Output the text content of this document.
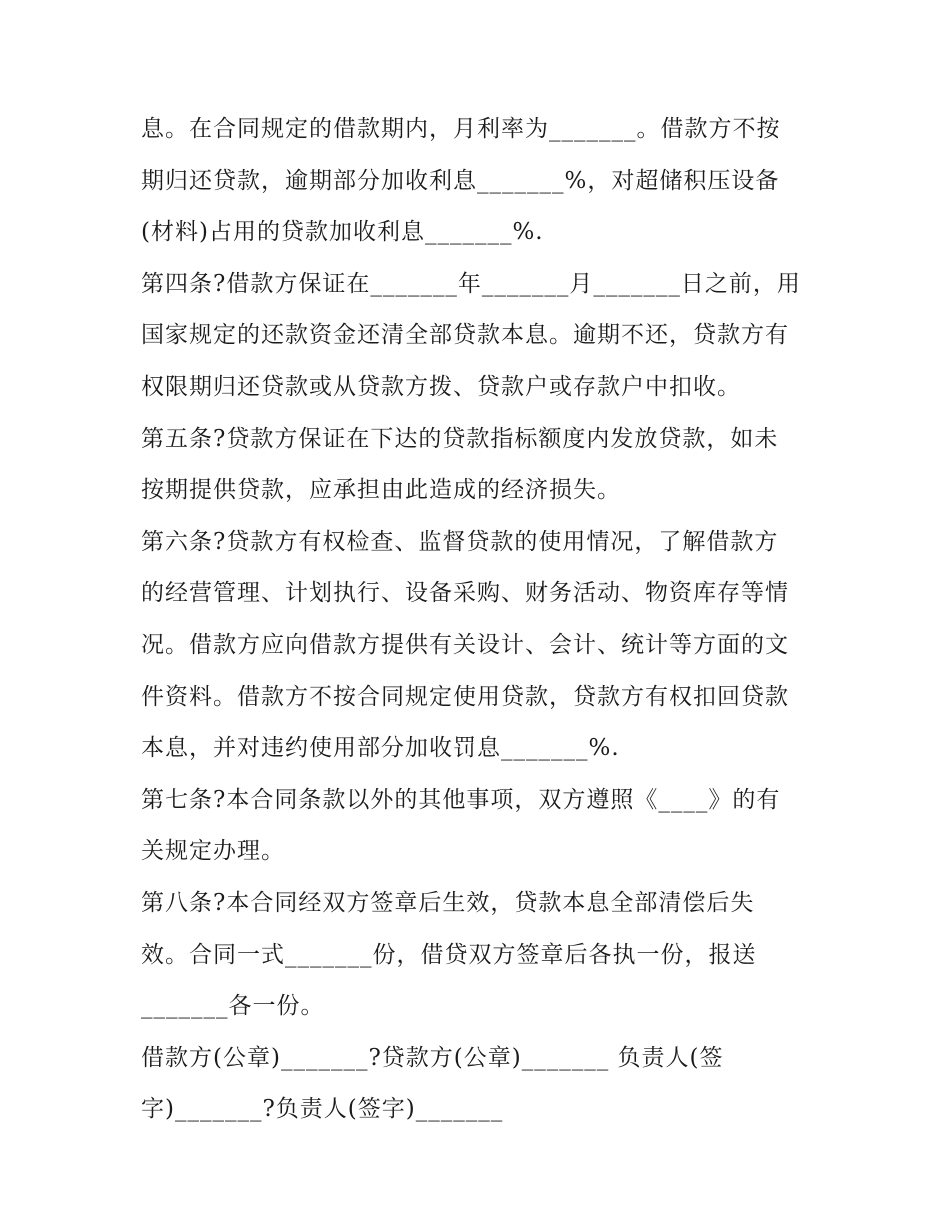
息。在合同规定的借款期内，月利率为_______。借款方不按
期归还贷款，逾期部分加收利息_______%，对超储积压设备
(材料)占用的贷款加收利息_______%.
第四条?借款方保证在_______年_______月_______日之前，用
国家规定的还款资金还清全部贷款本息。逾期不还，贷款方有
权限期归还贷款或从贷款方拨、贷款户或存款户中扣收。
第五条?贷款方保证在下达的贷款指标额度内发放贷款，如未
按期提供贷款，应承担由此造成的经济损失。
第六条?贷款方有权检查、监督贷款的使用情况，了解借款方
的经营管理、计划执行、设备采购、财务活动、物资库存等情
况。借款方应向借款方提供有关设计、会计、统计等方面的文
件资料。借款方不按合同规定使用贷款，贷款方有权扣回贷款
本息，并对违约使用部分加收罚息_______%.
第七条?本合同条款以外的其他事项，双方遵照《____》的有
关规定办理。
第八条?本合同经双方签章后生效，贷款本息全部清偿后失
效。合同一式_______份，借贷双方签章后各执一份，报送
_______各一份。
借款方(公章)_______?贷款方(公章)_______ 负责人(签
字)_______?负责人(签字)_______
